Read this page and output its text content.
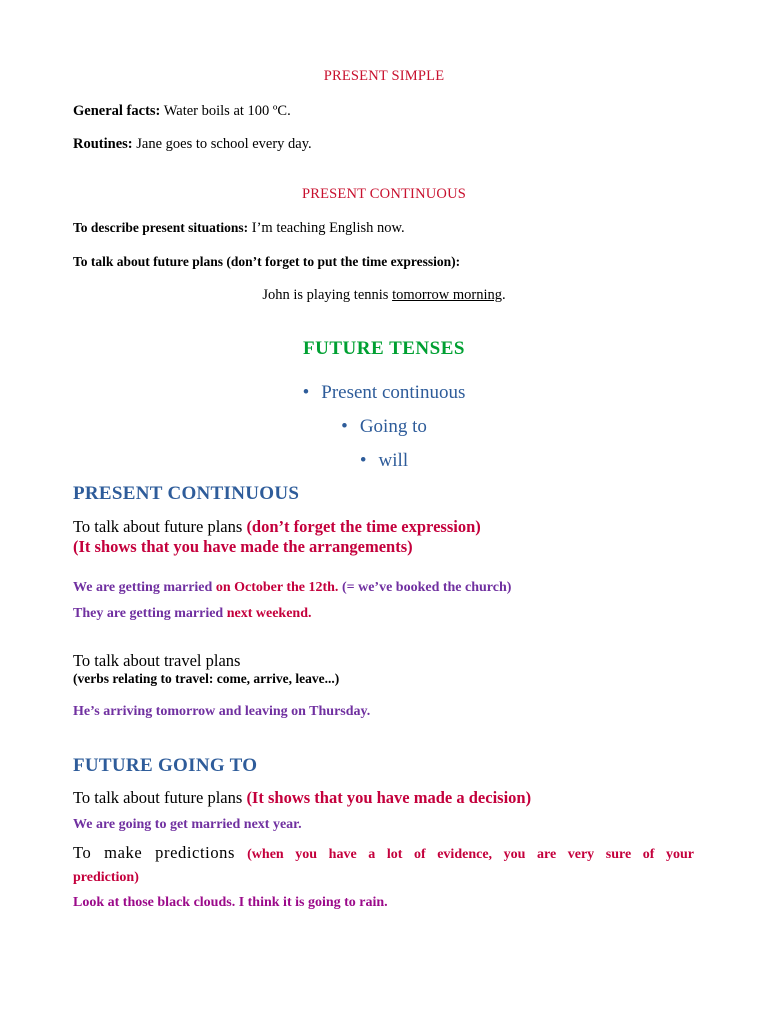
PRESENT SIMPLE
General facts: Water boils at 100 ºC.
Routines: Jane goes to school every day.
PRESENT CONTINUOUS
To describe present situations: I’m teaching English now.
To talk about future plans (don’t forget to put the time expression):
John is playing tennis tomorrow morning.
FUTURE TENSES
• Present continuous
• Going to
• will
PRESENT CONTINUOUS
To talk about future plans (don’t forget the time expression)
(It shows that you have made the arrangements)
We are getting married on October the 12th. (= we’ve booked the church)
They are getting married next weekend.
To talk about travel plans
(verbs relating to travel: come, arrive, leave...)
He’s arriving tomorrow and leaving on Thursday.
FUTURE GOING TO
To talk about future plans (It shows that you have made a decision)
We are going to get married next year.
To make predictions (when you have a lot of evidence, you are very sure of your
prediction)
Look at those black clouds. I think it is going to rain.
